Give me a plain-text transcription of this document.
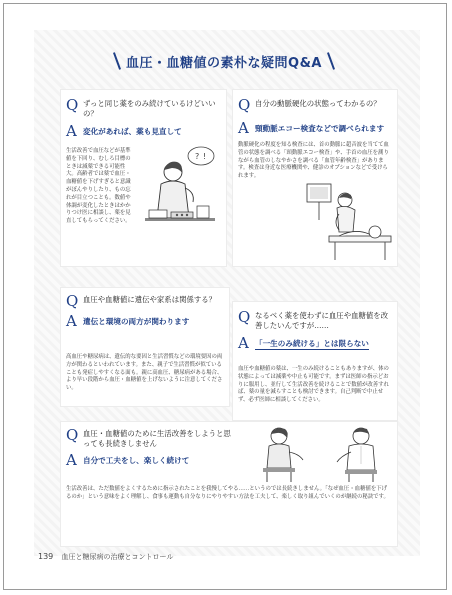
血圧・血糖値の素朴な疑問Q&A
Q ずっと同じ薬をのみ続けているけどいいの？
A 変化があれば、薬も見直して
生活改善で血圧などが基準値を下回り、むしろ目標のときは減薬できる可能性大。高齢者では薬で血圧・血糖値を下げすぎると意識がぼんやりしたり、もの忘れが目立つことも。数値や体調が変化したときはかかりつけ医に相談し、薬を見直してもらってください。
? !
Q 自分の動脈硬化の状態ってわかるの？
A 頸動脈エコー検査などで調べられます
動脈硬化の程度を知る検査には、首の動脈に超音波を当てて血管の状態を調べる「頸動脈エコー検査」や、手首の血圧を測りながら血管のしなやかさを調べる「血管年齢検査」があります。検査は身近な医療機関や、健診のオプションなどで受けられます。
Q 血圧や血糖値に遺伝や家系は関係する？
A 遺伝と環境の両方が関わります
高血圧や糖尿病は、遺伝的な要因と生活習慣などの環境要因の両方が関わるといわれています。また、親子で生活習慣が似ていることも発症しやすくなる面も。親に高血圧、糖尿病がある場合、より早い段階から血圧・血糖値を上げないように注意してください。
Q なるべく薬を使わずに血圧や血糖値を改善したいんですが……
A 「一生のみ続ける」とは限らない
血圧や血糖値の薬は、一生のみ続けることもありますが、体の状態によっては減薬や中止も可能です。まずは医師の指示どおりに服用し、並行して生活改善を続けることで数値が改善すれば、薬の量を減らすことも検討できます。自己判断で中止せず、必ず医師に相談してください。
Q 血圧・血糖値のために生活改善をしようと思っても長続きしません
A 自分で工夫をし、楽しく続けて
生活改善は、ただ数値をよくするために指示されたことを我慢してやる……というのでは長続きしません。「なぜ血圧・血糖値を下げるのか」という意味をよく理解し、食事も運動も自分なりにやりやすい方法を工夫して、楽しく取り組んでいくのが継続の秘訣です。
139 血圧と糖尿病の治療とコントロール
